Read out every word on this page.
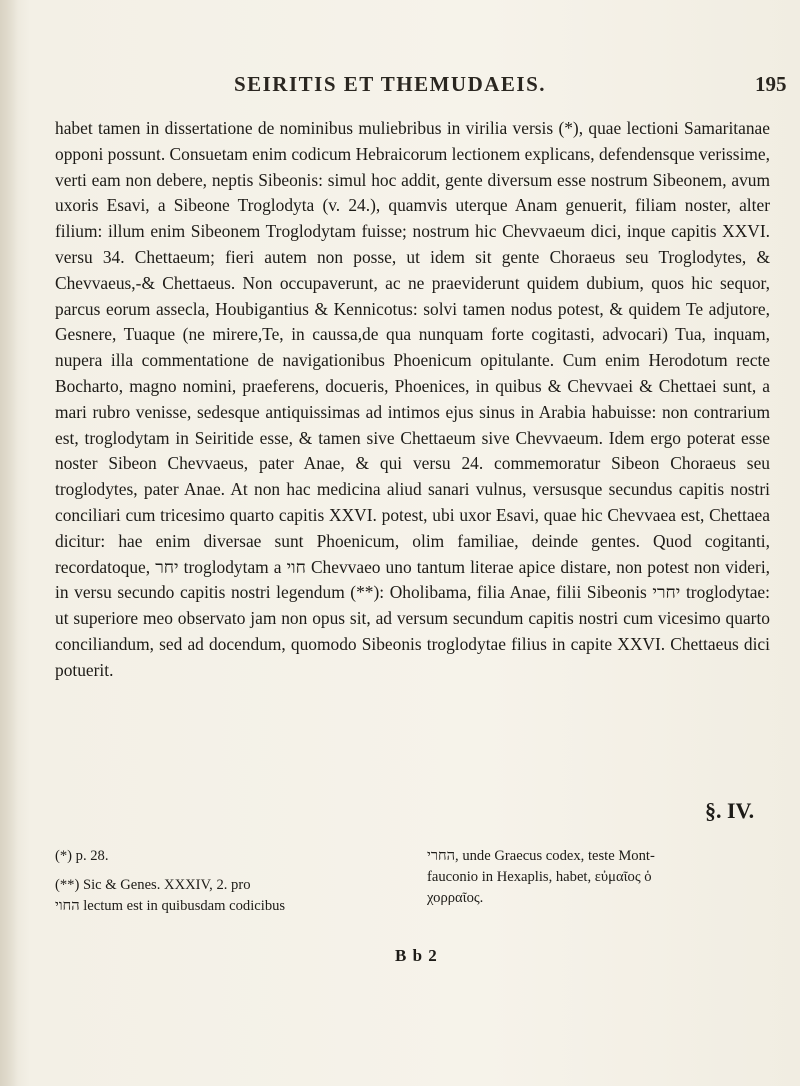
SEIRITIS ET THEMUDAEIS.	195

habet tamen in dissertatione de nominibus muliebribus in virilia versis (*), quae lectioni Samaritanae opponi possunt. Consuetam enim codicum Hebraicorum lectionem explicans, defendensque verissime, verti eam non debere, neptis Sibeonis: simul hoc addit, gente diversum esse nostrum Sibeonem, avum uxoris Esavi, a Sibeone Troglodyta (v. 24.), quamvis uterque Anam genuerit, filiam noster, alter filium: illum enim Sibeonem Troglodytam fuisse; nostrum hic Chevvaeum dici, inque capitis XXVI. versu 34. Chettaeum; fieri autem non posse, ut idem sit gente Choraeus seu Troglodytes, & Chevvaeus,-& Chettaeus. Non occupaverunt, ac ne praeviderunt quidem dubium, quos hic sequor, parcus eorum assecla, Houbigantius & Kennicotus: solvi tamen nodus potest, & quidem Te adjutore, Gesnere, Tuaque (ne mirere,Te, in caussa,de qua nunquam forte cogitasti, advocari) Tua, inquam, nupera illa commentatione de navigationibus Phoenicum opitulante. Cum enim Herodotum recte Bocharto, magno nomini, praeferens, docueris, Phoenices, in quibus & Chevvaei & Chettaei sunt, a mari rubro venisse, sedesque antiquissimas ad intimos ejus sinus in Arabia habuisse: non contrarium est, troglodytam in Seiritide esse, & tamen sive Chettaeum sive Chevvaeum. Idem ergo poterat esse noster Sibeon Chevvaeus, pater Anae, & qui versu 24. commemoratur Sibeon Choraeus seu troglodytes, pater Anae. At non hac medicina aliud sanari vulnus, versusque secundus capitis nostri conciliari cum tricesimo quarto capitis XXVI. potest, ubi uxor Esavi, quae hic Chevvaea est, Chettaea dicitur: hae enim diversae sunt Phoenicum, olim familiae, deinde gentes. Quod cogitanti, recordatoque, יחר troglodytam a חוי Chevvaeo uno tantum literae apice distare, non potest non videri, in versu secundo capitis nostri legendum (**): Oholibama, filia Anae, filii Sibeonis יחרי troglodytae: ut superiore meo observato jam non opus sit, ad versum secundum capitis nostri cum vicesimo quarto conciliandum, sed ad docendum, quomodo Sibeonis troglodytae filius in capite XXVI. Chettaeus dici potuerit.

§. IV.

(*) p. 28.

(**) Sic & Genes. XXXIV, 2. pro

החוי lectum est in quibusdam codicibus

החרי, unde Graecus codex, teste Mont-

fauconio in Hexaplis, habet, εὐμαῖος ὁ

χορραῖος.

B b 2
